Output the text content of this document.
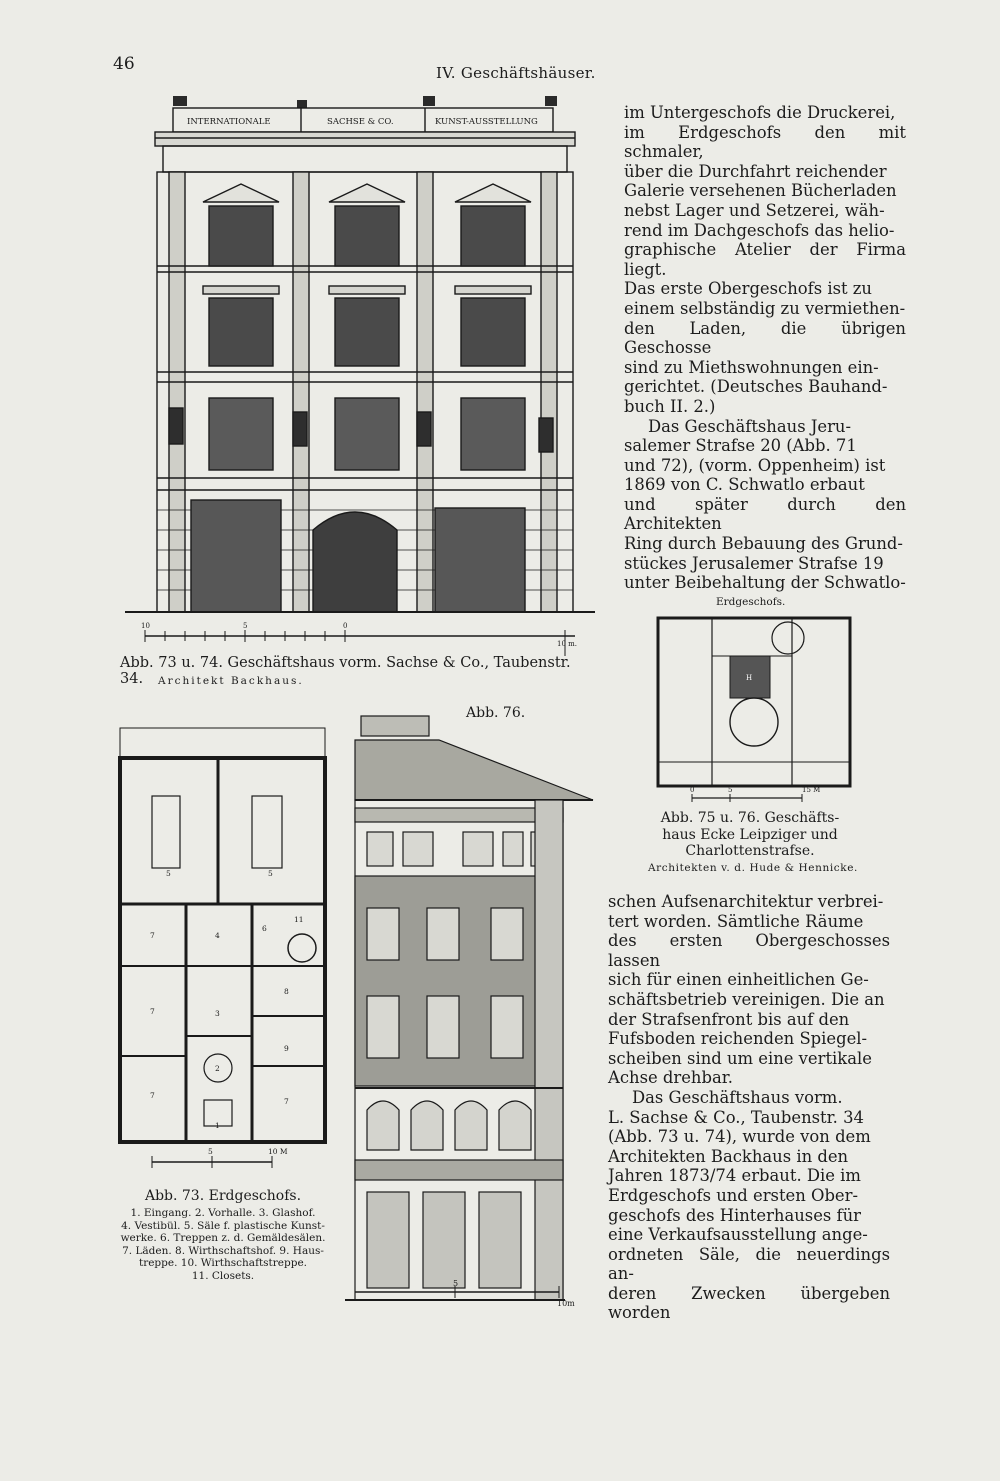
46	IV. Geschäftshäuser.
INTERNATIONALE	SACHSE & CO.	KUNST-AUSSTELLUNG
10	5	0
10 m.
Abb. 73 u. 74. Geschäftshaus vorm. Sachse & Co., Taubenstr. 34.	Architekt Backhaus.
1
2
3
4
5	5
6
7
7
7
7
8
9
11
5	10 M
Abb. 73. Erdgeschofs.
1. Eingang. 2. Vorhalle. 3. Glashof.
4. Vestibül. 5. Säle f. plastische Kunst-
werke. 6. Treppen z. d. Gemäldesälen.
7. Läden. 8. Wirthschaftshof. 9. Haus-
treppe. 10. Wirthschaftstreppe.
11. Closets.
Abb. 76.
5
10m
im Untergeschofs die Druckerei,
im Erdgeschofs den mit schmaler,
über die Durchfahrt reichender
Galerie versehenen Bücherladen
nebst Lager und Setzerei, wäh-
rend im Dachgeschofs das helio-
graphische Atelier der Firma liegt.
Das erste Obergeschofs ist zu
einem selbständig zu vermiethen-
den Laden, die übrigen Geschosse
sind zu Miethswohnungen ein-
gerichtet. (Deutsches Bauhand-
buch II. 2.)
Das Geschäftshaus Jeru-
salemer Strafse 20 (Abb. 71
und 72), (vorm. Oppenheim) ist
1869 von C. Schwatlo erbaut
und später durch den Architekten
Ring durch Bebauung des Grund-
stückes Jerusalemer Strafse 19
unter Beibehaltung der Schwatlo-
Erdgeschofs.
H
0	5	15 M
Abb. 75 u. 76. Geschäfts-
haus Ecke Leipziger und
Charlottenstrafse.
Architekten v. d. Hude & Hennicke.
schen Aufsenarchitektur verbrei-
tert worden. Sämtliche Räume
des ersten Obergeschosses lassen
sich für einen einheitlichen Ge-
schäftsbetrieb vereinigen. Die an
der Strafsenfront bis auf den
Fufsboden reichenden Spiegel-
scheiben sind um eine vertikale
Achse drehbar.
Das Geschäftshaus vorm.
L. Sachse & Co., Taubenstr. 34
(Abb. 73 u. 74), wurde von dem
Architekten Backhaus in den
Jahren 1873/74 erbaut. Die im
Erdgeschofs und ersten Ober-
geschofs des Hinterhauses für
eine Verkaufsausstellung ange-
ordneten Säle, die neuerdings an-
deren Zwecken übergeben worden
